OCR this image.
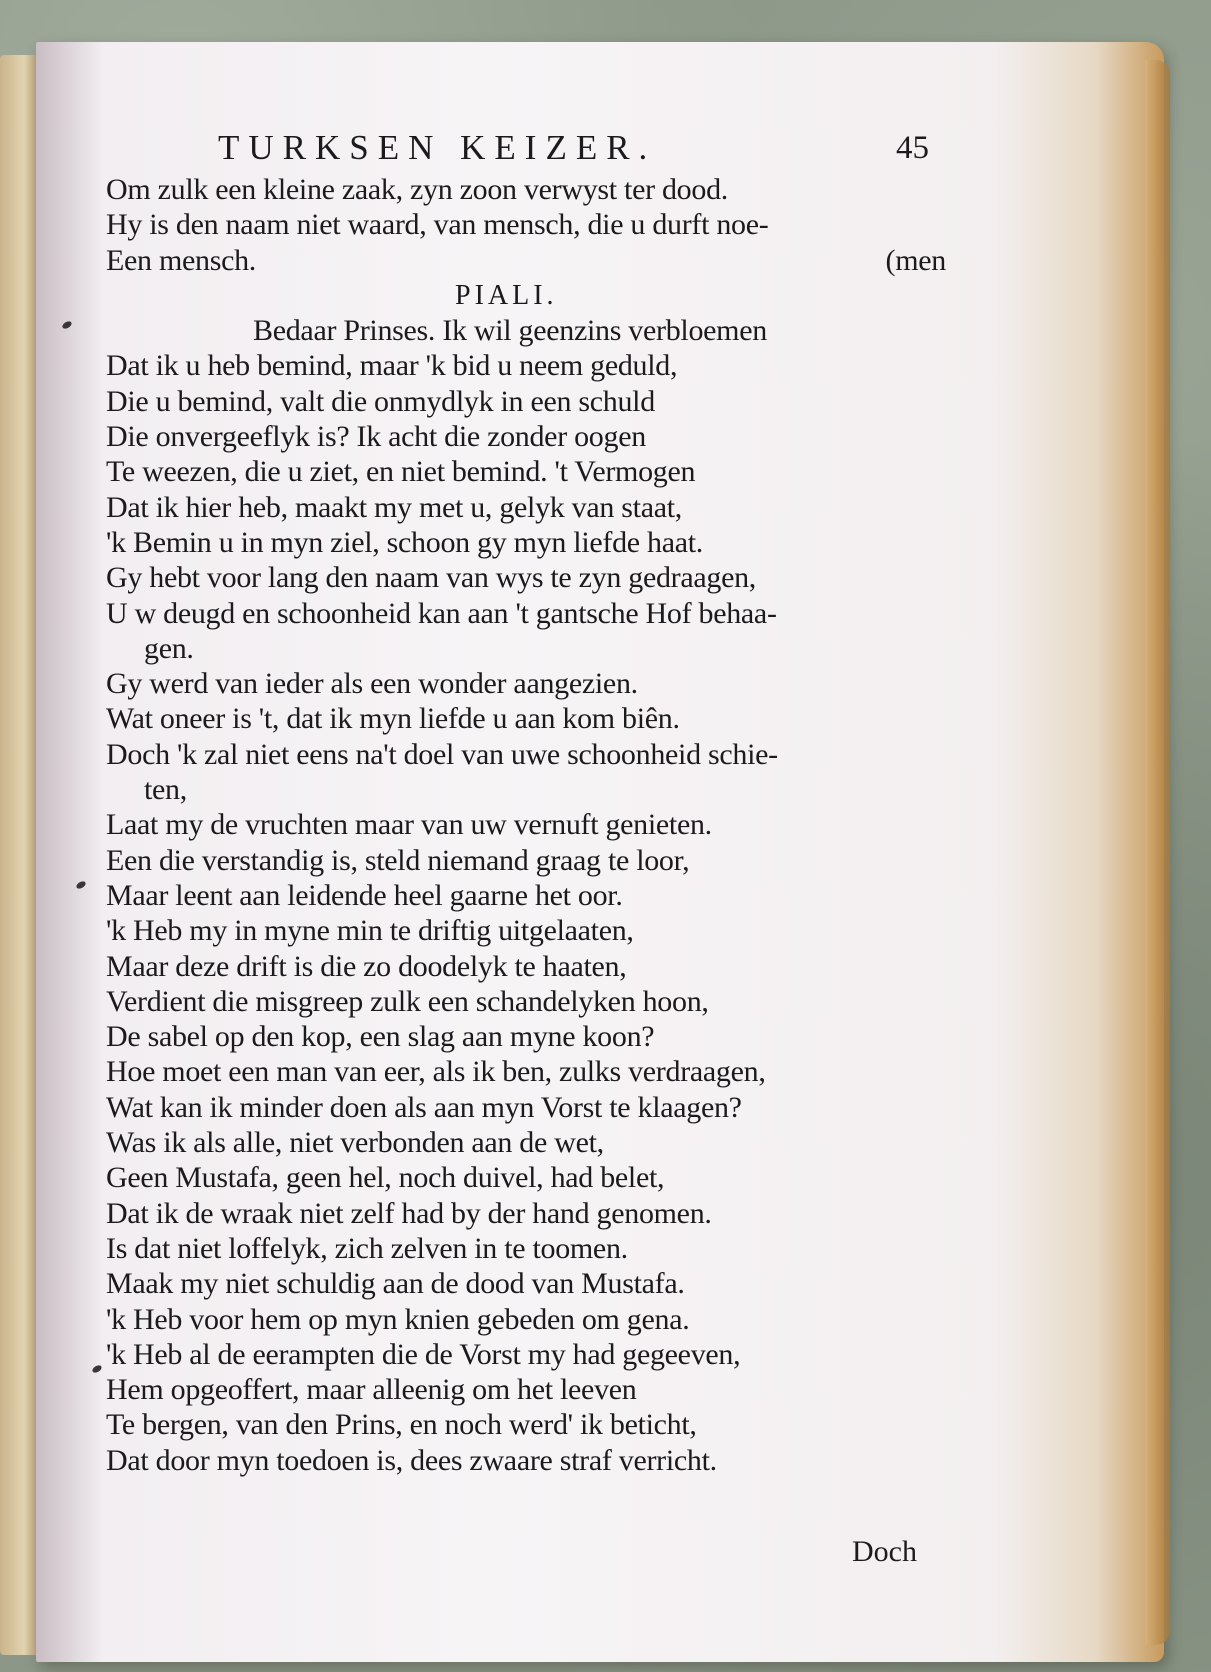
TURKSEN KEIZER.	45
Om zulk een kleine zaak, zyn zoon verwyst ter dood.
Hy is den naam niet waard, van mensch, die u durft noe-
Een mensch.	(men
PIALI.
Bedaar Prinses. Ik wil geenzins verbloemen
Dat ik u heb bemind, maar 'k bid u neem geduld,
Die u bemind, valt die onmydlyk in een schuld
Die onvergeeflyk is? Ik acht die zonder oogen
Te weezen, die u ziet, en niet bemind. 't Vermogen
Dat ik hier heb, maakt my met u, gelyk van staat,
'k Bemin u in myn ziel, schoon gy myn liefde haat.
Gy hebt voor lang den naam van wys te zyn gedraagen,
U w deugd en schoonheid kan aan 't gantsche Hof behaa-
gen.
Gy werd van ieder als een wonder aangezien.
Wat oneer is 't, dat ik myn liefde u aan kom biên.
Doch 'k zal niet eens na't doel van uwe schoonheid schie-
ten,
Laat my de vruchten maar van uw vernuft genieten.
Een die verstandig is, steld niemand graag te loor,
Maar leent aan leidende heel gaarne het oor.
'k Heb my in myne min te driftig uitgelaaten,
Maar deze drift is die zo doodelyk te haaten,
Verdient die misgreep zulk een schandelyken hoon,
De sabel op den kop, een slag aan myne koon?
Hoe moet een man van eer, als ik ben, zulks verdraagen,
Wat kan ik minder doen als aan myn Vorst te klaagen?
Was ik als alle, niet verbonden aan de wet,
Geen Mustafa, geen hel, noch duivel, had belet,
Dat ik de wraak niet zelf had by der hand genomen.
Is dat niet loffelyk, zich zelven in te toomen.
Maak my niet schuldig aan de dood van Mustafa.
'k Heb voor hem op myn knien gebeden om gena.
'k Heb al de eerampten die de Vorst my had gegeeven,
Hem opgeoffert, maar alleenig om het leeven
Te bergen, van den Prins, en noch werd' ik beticht,
Dat door myn toedoen is, dees zwaare straf verricht.
Doch
